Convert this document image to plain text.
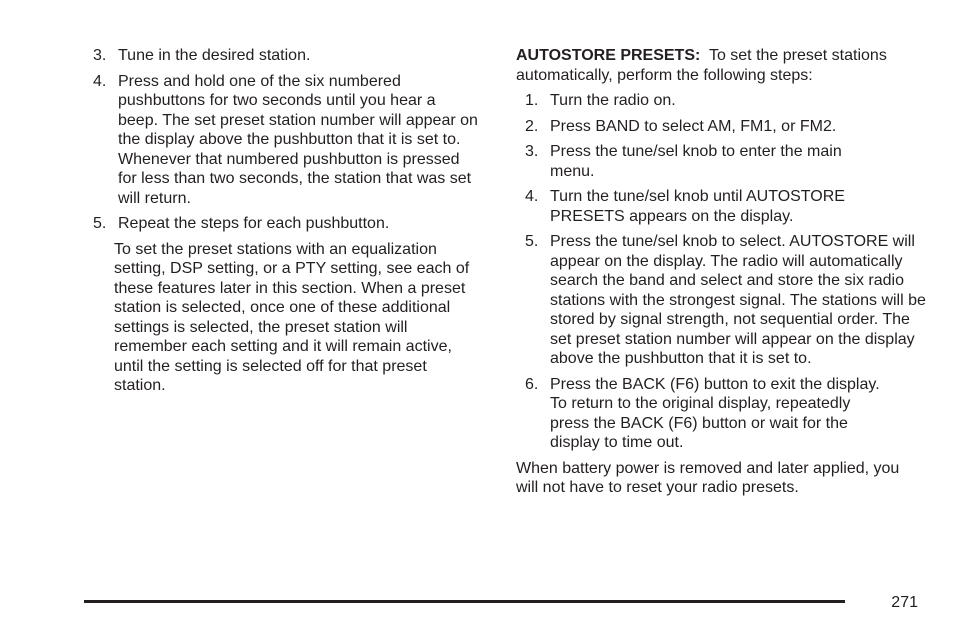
3. Tune in the desired station.
4. Press and hold one of the six numbered pushbuttons for two seconds until you hear a beep. The set preset station number will appear on the display above the pushbutton that it is set to. Whenever that numbered pushbutton is pressed for less than two seconds, the station that was set will return.
5. Repeat the steps for each pushbutton.

To set the preset stations with an equalization setting, DSP setting, or a PTY setting, see each of these features later in this section. When a preset station is selected, once one of these additional settings is selected, the preset station will remember each setting and it will remain active, until the setting is selected off for that preset station.

AUTOSTORE PRESETS: To set the preset stations automatically, perform the following steps:

1. Turn the radio on.
2. Press BAND to select AM, FM1, or FM2.
3. Press the tune/sel knob to enter the main menu.
4. Turn the tune/sel knob until AUTOSTORE PRESETS appears on the display.
5. Press the tune/sel knob to select. AUTOSTORE will appear on the display. The radio will automatically search the band and select and store the six radio stations with the strongest signal. The stations will be stored by signal strength, not sequential order. The set preset station number will appear on the display above the pushbutton that it is set to.
6. Press the BACK (F6) button to exit the display. To return to the original display, repeatedly press the BACK (F6) button or wait for the display to time out.

When battery power is removed and later applied, you will not have to reset your radio presets.

271
